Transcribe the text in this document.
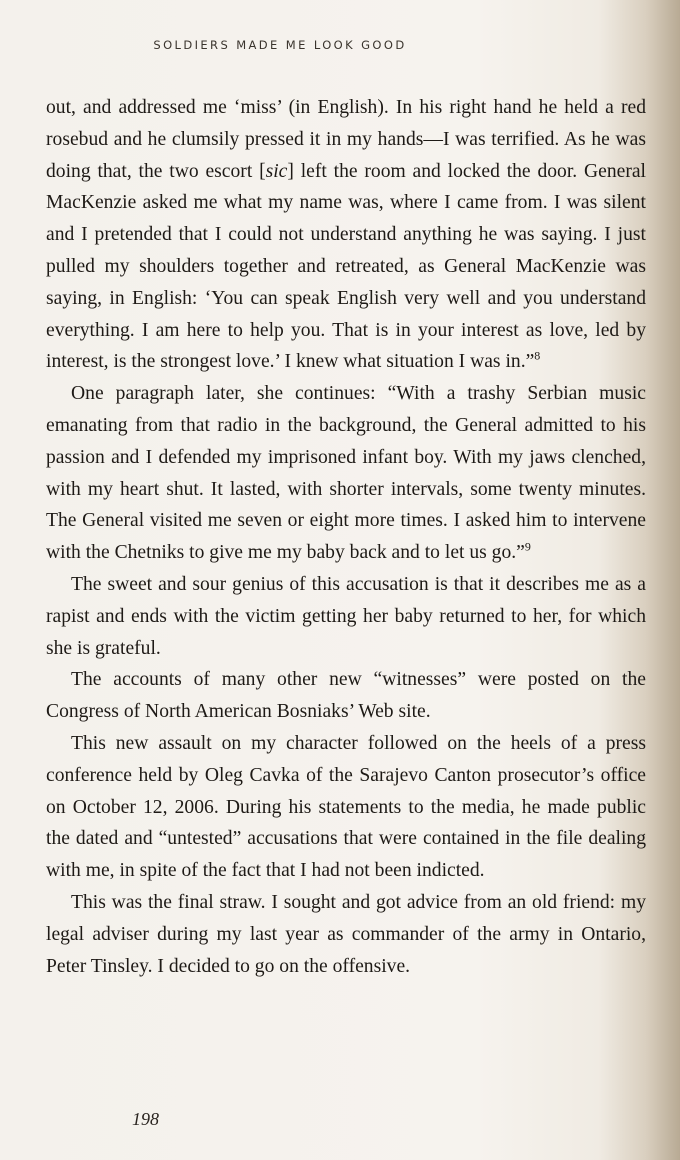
SOLDIERS MADE ME LOOK GOOD

out, and addressed me ‘miss’ (in English). In his right hand he held a red rosebud and he clumsily pressed it in my hands—I was terrified. As he was doing that, the two escort [sic] left the room and locked the door. General MacKenzie asked me what my name was, where I came from. I was silent and I pretended that I could not understand anything he was saying. I just pulled my shoulders together and retreated, as General MacKenzie was saying, in English: ‘You can speak English very well and you understand everything. I am here to help you. That is in your interest as love, led by interest, is the strongest love.’ I knew what situation I was in.”$^8$

One paragraph later, she continues: “With a trashy Serbian music emanating from that radio in the background, the General admitted to his passion and I defended my imprisoned infant boy. With my jaws clenched, with my heart shut. It lasted, with shorter intervals, some twenty minutes. The General visited me seven or eight more times. I asked him to intervene with the Chetniks to give me my baby back and to let us go.”$^9$

The sweet and sour genius of this accusation is that it describes me as a rapist and ends with the victim getting her baby returned to her, for which she is grateful.

The accounts of many other new “witnesses” were posted on the Congress of North American Bosniaks’ Web site.

This new assault on my character followed on the heels of a press conference held by Oleg Cavka of the Sarajevo Canton prosecutor’s office on October 12, 2006. During his statements to the media, he made public the dated and “untested” accusations that were contained in the file dealing with me, in spite of the fact that I had not been indicted.

This was the final straw. I sought and got advice from an old friend: my legal adviser during my last year as commander of the army in Ontario, Peter Tinsley. I decided to go on the offensive.

198
